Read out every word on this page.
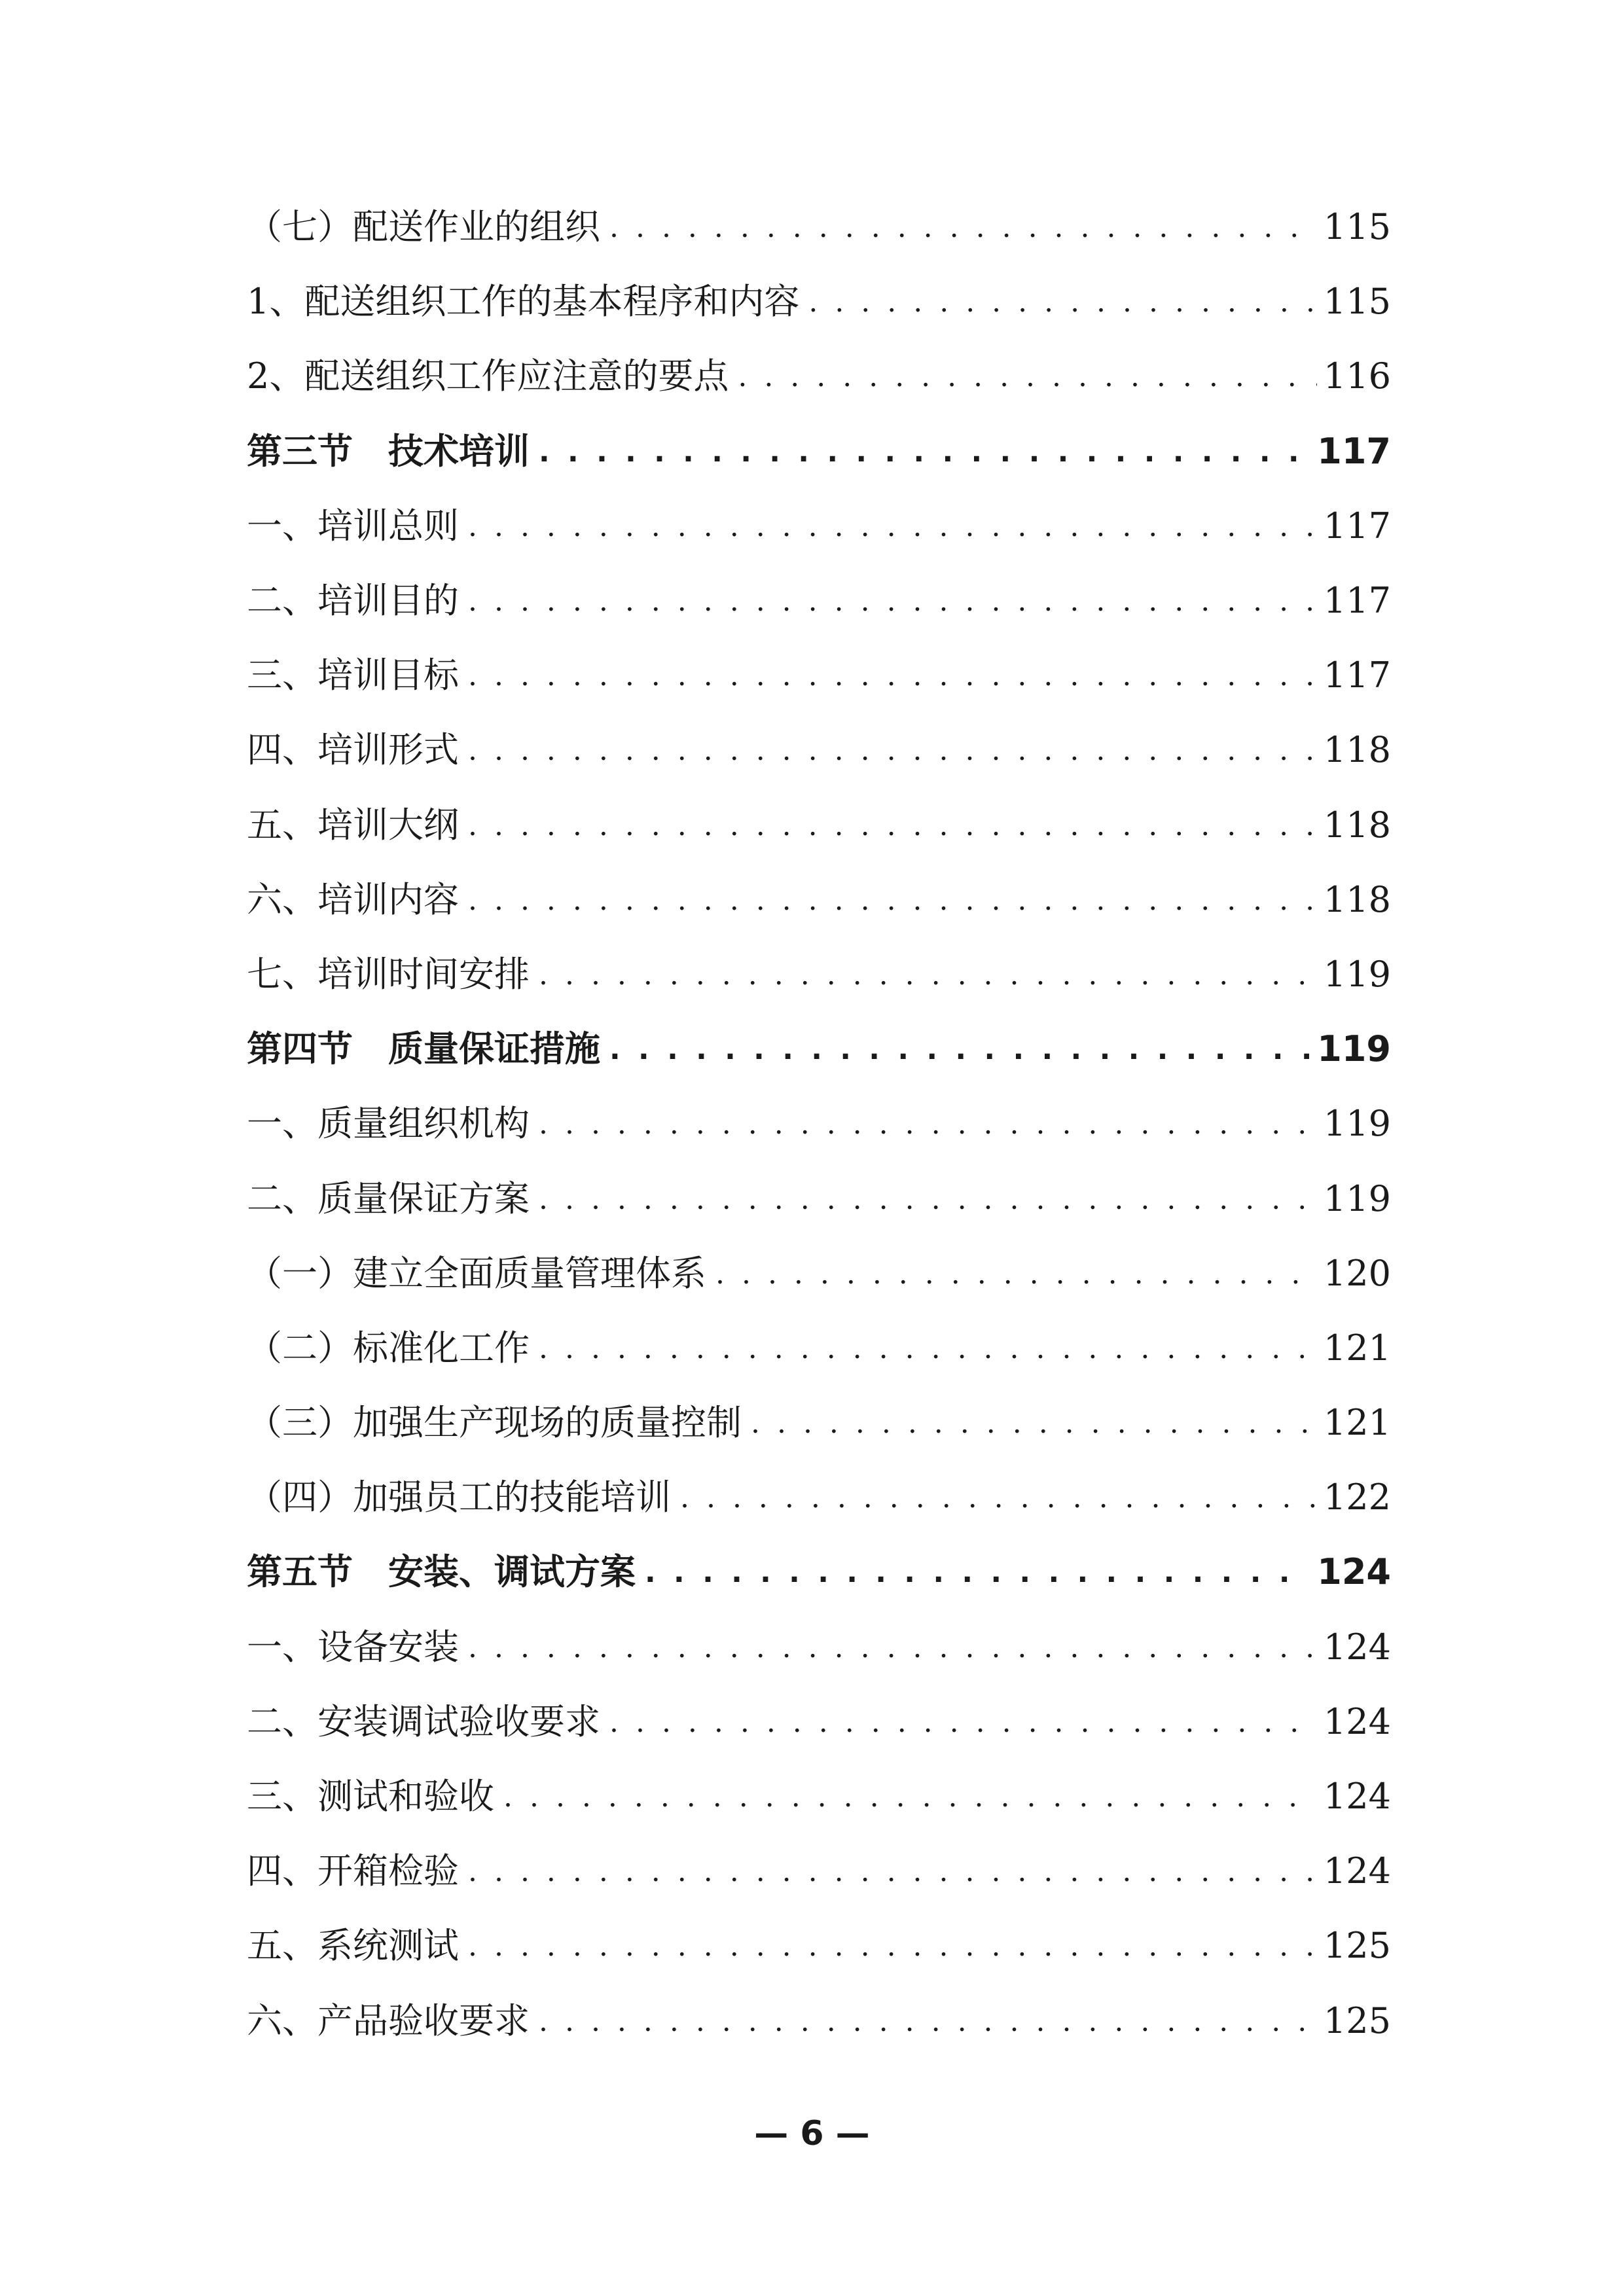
（七）配送作业的组织 . . .	115
1、配送组织工作的基本程序和内容 . . .	115
2、配送组织工作应注意的要点 . . .	116
第三节　技术培训 . . .	117
一、培训总则 . . .	117
二、培训目的 . . .	117
三、培训目标 . . .	117
四、培训形式 . . .	118
五、培训大纲 . . .	118
六、培训内容 . . .	118
七、培训时间安排 . . .	119
第四节　质量保证措施 . . .	119
一、质量组织机构 . . .	119
二、质量保证方案 . . .	119
（一）建立全面质量管理体系 . . .	120
（二）标准化工作 . . .	121
（三）加强生产现场的质量控制 . . .	121
（四）加强员工的技能培训 . . .	122
第五节　安装、调试方案 . . .	124
一、设备安装 . . .	124
二、安装调试验收要求 . . .	124
三、测试和验收 . . .	124
四、开箱检验 . . .	124
五、系统测试 . . .	125
六、产品验收要求 . . .	125
— 6 —
